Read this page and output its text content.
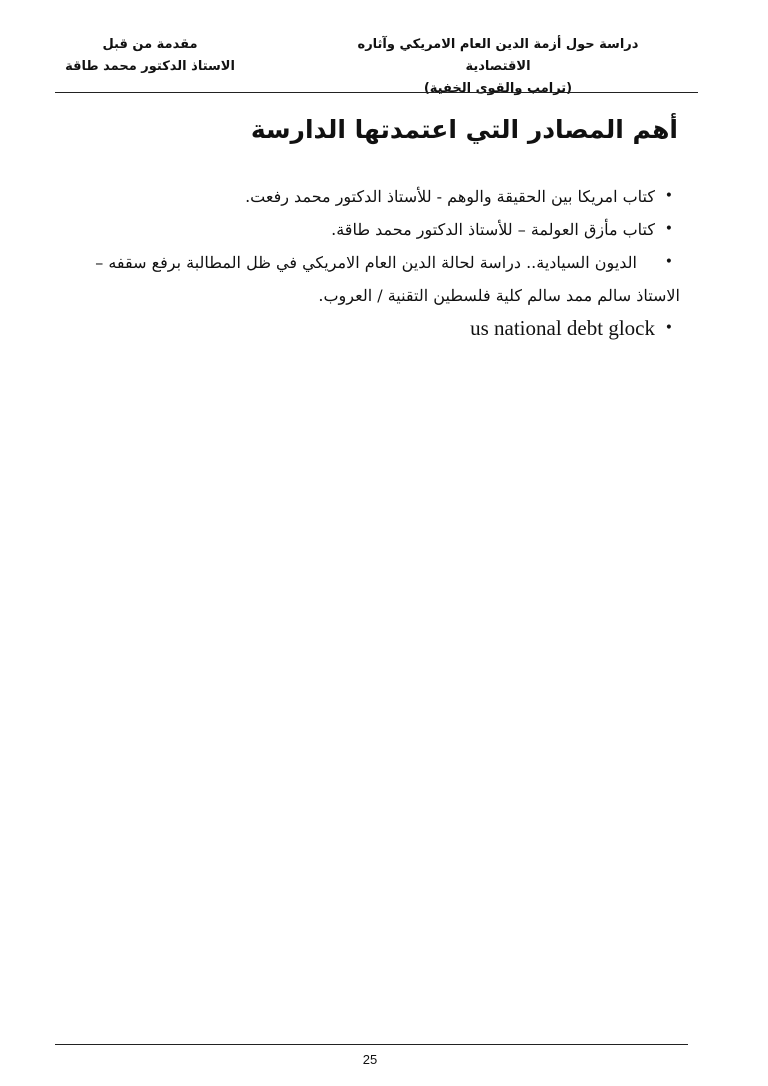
دراسة حول أزمة الدين العام الامريكي وآثاره الاقتصادية
(ترامب والقوى الخفية)
مقدمة من قبل
الاستاذ الدكتور محمد طاقة
أهم المصادر التي اعتمدتها الدارسة
•
كتاب امريكا بين الحقيقة والوهم - للأستاذ الدكتور محمد رفعت.
•
كتاب مأزق العولمة – للأستاذ الدكتور محمد طاقة.
•
الديون السيادية.. دراسة لحالة الدين العام الامريكي في ظل المطالبة برفع سقفه –
الاستاذ سالم ممد سالم كلية فلسطين التقنية / العروب.
•
us national debt glock
25
